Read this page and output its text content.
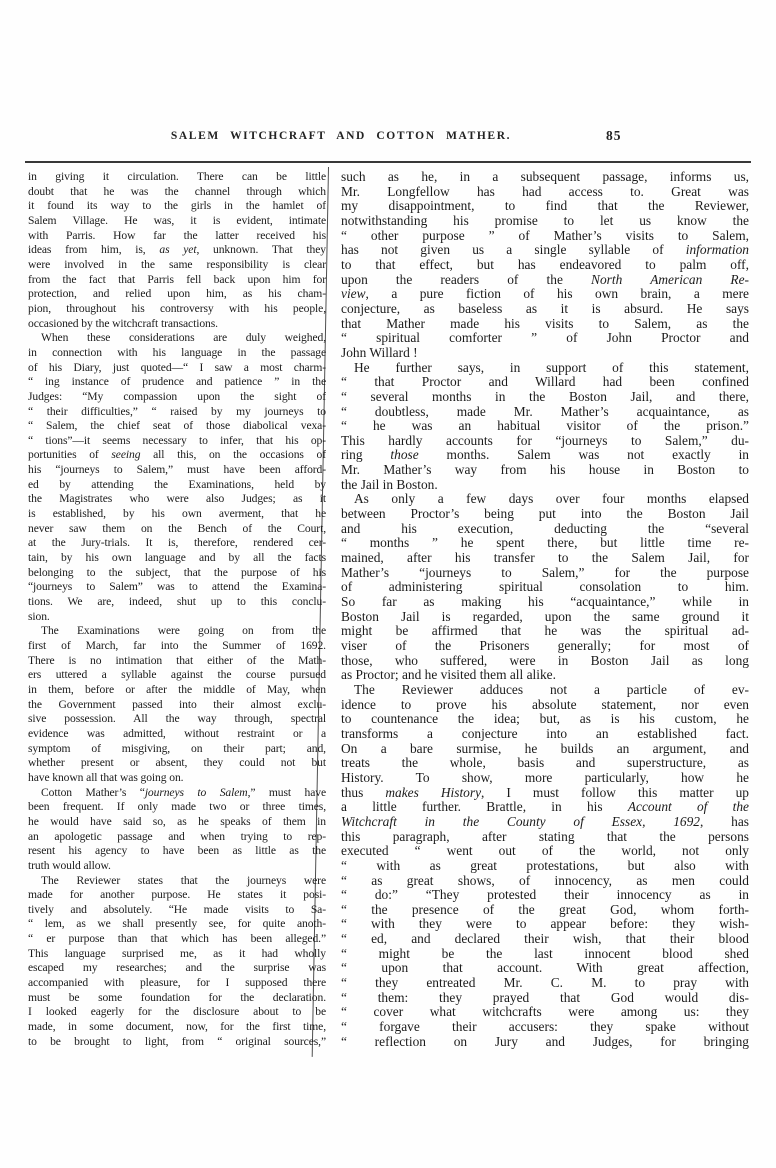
SALEM WITCHCRAFT AND COTTON MATHER.	85
in giving it circulation. There can be little
doubt that he was the channel through which
it found its way to the girls in the hamlet of
Salem Village. He was, it is evident, intimate
with Parris. How far the latter received his
ideas from him, is, as yet, unknown. That they
were involved in the same responsibility is clear
from the fact that Parris fell back upon him for
protection, and relied upon him, as his cham-
pion, throughout his controversy with his people,
occasioned by the witchcraft transactions.
When these considerations are duly weighed,
in connection with his language in the passage
of his Diary, just quoted—“ I saw a most charm-
“ ing instance of prudence and patience ” in the
Judges: “My compassion upon the sight of
“ their difficulties,” “ raised by my journeys to
“ Salem, the chief seat of those diabolical vexa-
“ tions”—it seems necessary to infer, that his op-
portunities of seeing all this, on the occasions of
his “journeys to Salem,” must have been afford-
ed by attending the Examinations, held by
the Magistrates who were also Judges; as it
is established, by his own averment, that he
never saw them on the Bench of the Court,
at the Jury-trials. It is, therefore, rendered cer-
tain, by his own language and by all the facts
belonging to the subject, that the purpose of his
“journeys to Salem” was to attend the Examina-
tions. We are, indeed, shut up to this conclu-
sion.
The Examinations were going on from the
first of March, far into the Summer of 1692.
There is no intimation that either of the Math-
ers uttered a syllable against the course pursued
in them, before or after the middle of May, when
the Government passed into their almost exclu-
sive possession. All the way through, spectral
evidence was admitted, without restraint or a
symptom of misgiving, on their part; and,
whether present or absent, they could not but
have known all that was going on.
Cotton Mather’s “journeys to Salem,” must have
been frequent. If only made two or three times,
he would have said so, as he speaks of them in
an apologetic passage and when trying to rep-
resent his agency to have been as little as the
truth would allow.
The Reviewer states that the journeys were
made for another purpose. He states it posi-
tively and absolutely. “He made visits to Sa-
“ lem, as we shall presently see, for quite anoth-
“ er purpose than that which has been alleged.”
This language surprised me, as it had wholly
escaped my researches; and the surprise was
accompanied with pleasure, for I supposed there
must be some foundation for the declaration.
I looked eagerly for the disclosure about to be
made, in some document, now, for the first time,
to be brought to light, from “ original sources,”
such as he, in a subsequent passage, informs us,
Mr. Longfellow has had access to. Great was
my disappointment, to find that the Reviewer,
notwithstanding his promise to let us know the
“ other purpose ” of Mather’s visits to Salem,
has not given us a single syllable of information
to that effect, but has endeavored to palm off,
upon the readers of the North American Re-
view, a pure fiction of his own brain, a mere
conjecture, as baseless as it is absurd. He says
that Mather made his visits to Salem, as the
“ spiritual comforter ” of John Proctor and
John Willard !
He further says, in support of this statement,
“ that Proctor and Willard had been confined
“ several months in the Boston Jail, and there,
“ doubtless, made Mr. Mather’s acquaintance, as
“ he was an habitual visitor of the prison.”
This hardly accounts for “journeys to Salem,” du-
ring those months. Salem was not exactly in
Mr. Mather’s way from his house in Boston to
the Jail in Boston.
As only a few days over four months elapsed
between Proctor’s being put into the Boston Jail
and his execution, deducting the “several
“ months ” he spent there, but little time re-
mained, after his transfer to the Salem Jail, for
Mather’s “journeys to Salem,” for the purpose
of administering spiritual consolation to him.
So far as making his “acquaintance,” while in
Boston Jail is regarded, upon the same ground it
might be affirmed that he was the spiritual ad-
viser of the Prisoners generally; for most of
those, who suffered, were in Boston Jail as long
as Proctor; and he visited them all alike.
The Reviewer adduces not a particle of ev-
idence to prove his absolute statement, nor even
to countenance the idea; but, as is his custom, he
transforms a conjecture into an established fact.
On a bare surmise, he builds an argument, and
treats the whole, basis and superstructure, as
History. To show, more particularly, how he
thus makes History, I must follow this matter up
a little further. Brattle, in his Account of the
Witchcraft in the County of Essex, 1692, has
this paragraph, after stating that the persons
executed “ went out of the world, not only
“ with as great protestations, but also with
“ as great shows, of innocency, as men could
“ do:” “They protested their innocency as in
“ the presence of the great God, whom forth-
“ with they were to appear before: they wish-
“ ed, and declared their wish, that their blood
“ might be the last innocent blood shed
“ upon that account. With great affection,
“ they entreated Mr. C. M. to pray with
“ them: they prayed that God would dis-
“ cover what witchcrafts were among us: they
“ forgave their accusers: they spake without
“ reflection on Jury and Judges, for bringing
